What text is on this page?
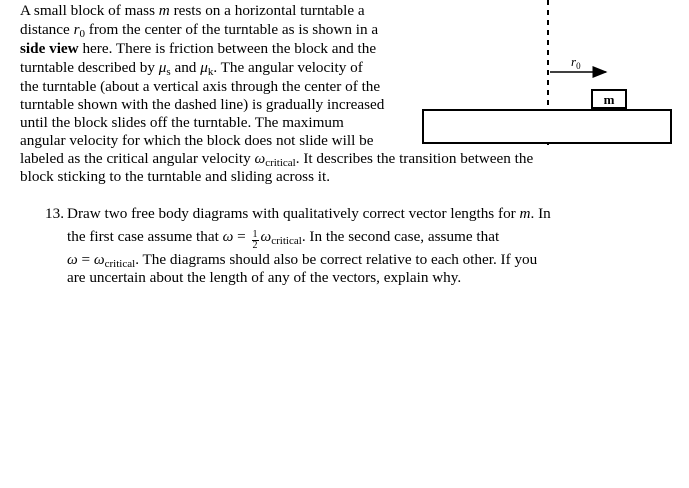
A small block of mass m rests on a horizontal turntable a
distance $r_0$ from the center of the turntable as is shown in a
side view here. There is friction between the block and the
turntable described by $\mu_s$ and $\mu_k$. The angular velocity of
the turntable (about a vertical axis through the center of the
turntable shown with the dashed line) is gradually increased
until the block slides off the turntable. The maximum
angular velocity for which the block does not slide will be
labeled as the critical angular velocity $\omega_{critical}$. It describes the transition between the
block sticking to the turntable and sliding across it.
13. Draw two free body diagrams with qualitatively correct vector lengths for m. In
the first case assume that $\omega = \frac{1}{2} \omega_{critical}$. In the second case, assume that
$\omega = \omega_{critical}$. The diagrams should also be correct relative to each other. If you
are uncertain about the length of any of the vectors, explain why.
$r_0$
m
